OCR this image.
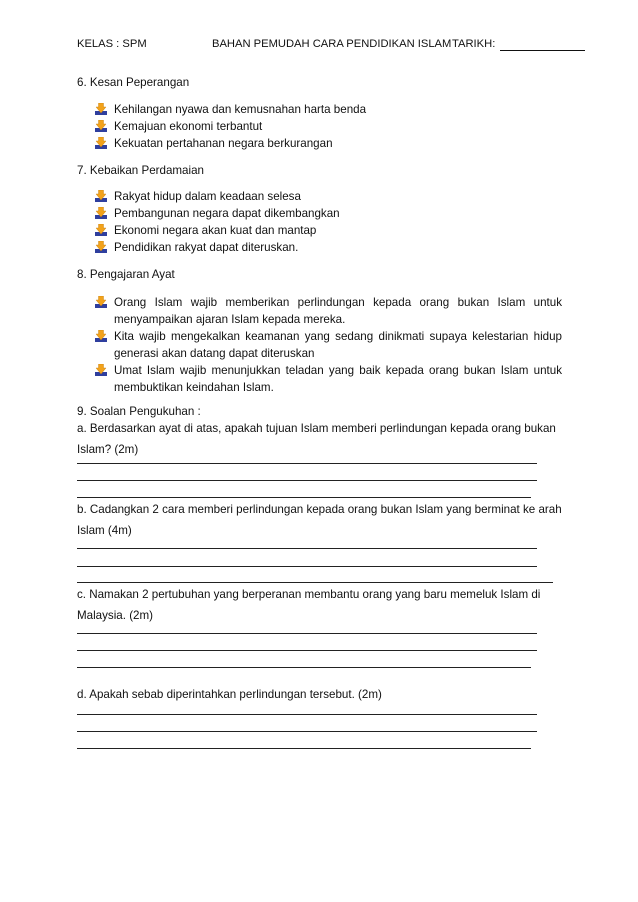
KELAS : SPM	BAHAN PEMUDAH CARA PENDIDIKAN ISLAM TARIKH:
6. Kesan Peperangan
Kehilangan nyawa dan kemusnahan harta benda
Kemajuan ekonomi terbantut
Kekuatan pertahanan negara berkurangan
7. Kebaikan Perdamaian
Rakyat hidup dalam keadaan selesa
Pembangunan negara dapat dikembangkan
Ekonomi negara akan kuat dan mantap
Pendidikan rakyat dapat diteruskan.
8. Pengajaran Ayat
Orang Islam wajib memberikan perlindungan kepada orang bukan Islam untuk menyampaikan ajaran Islam kepada mereka.
Kita wajib mengekalkan keamanan yang sedang dinikmati supaya kelestarian hidup generasi akan datang dapat diteruskan
Umat Islam wajib menunjukkan teladan yang baik kepada orang bukan Islam untuk membuktikan keindahan Islam.
9. Soalan Pengukuhan :
a. Berdasarkan ayat di atas, apakah tujuan Islam memberi perlindungan kepada orang bukan Islam? (2m)
b. Cadangkan 2 cara memberi perlindungan kepada orang bukan Islam yang berminat ke arah Islam (4m)
c. Namakan 2 pertubuhan yang berperanan membantu orang yang baru memeluk Islam di Malaysia. (2m)
d. Apakah sebab diperintahkan perlindungan tersebut. (2m)
